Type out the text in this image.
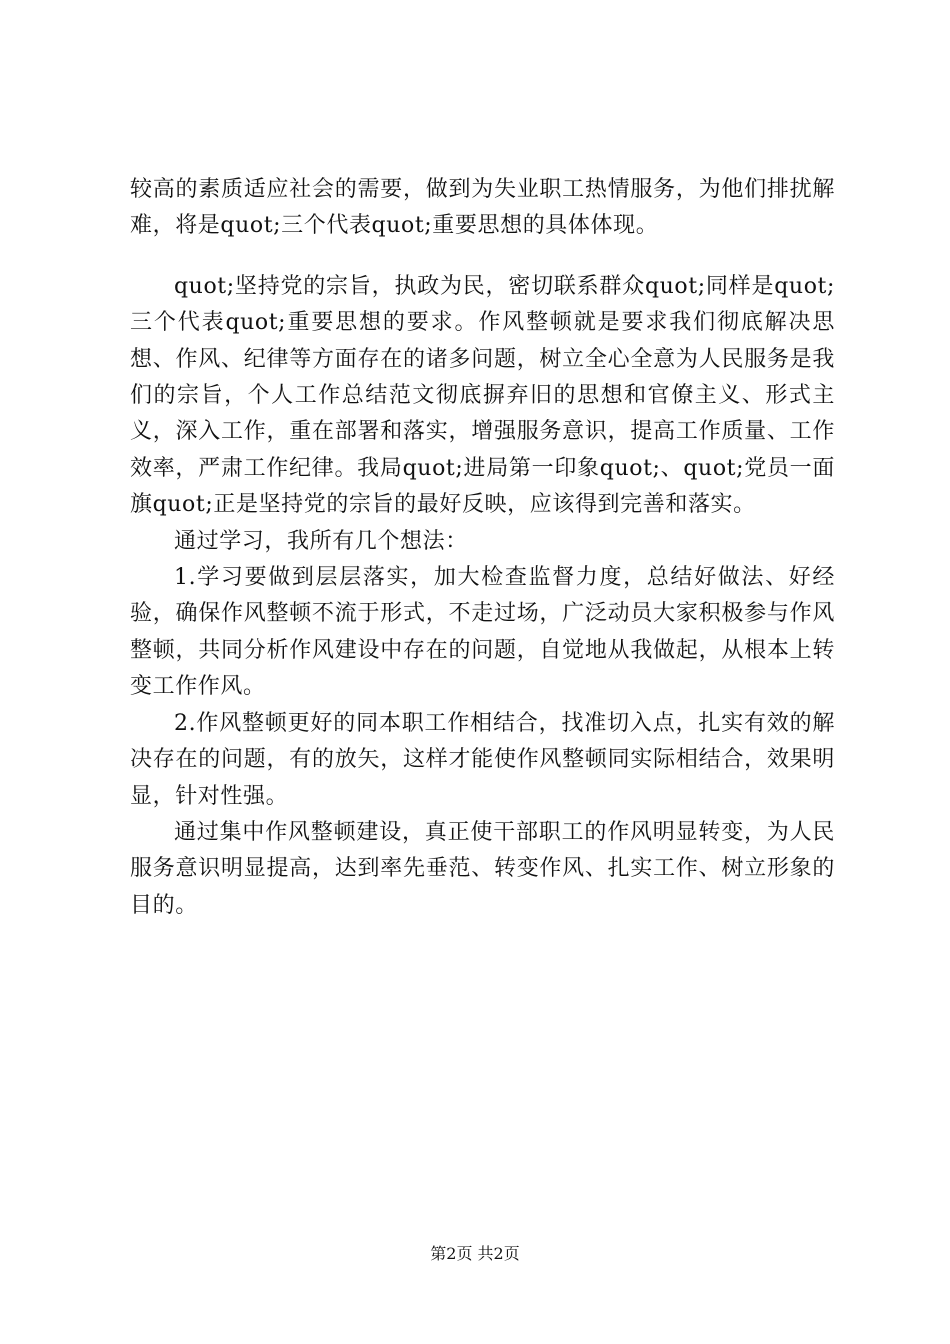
较高的素质适应社会的需要，做到为失业职工热情服务，为他们排扰解难，将是quot;三个代表quot;重要思想的具体体现。

quot;坚持党的宗旨，执政为民，密切联系群众quot;同样是quot;三个代表quot;重要思想的要求。作风整顿就是要求我们彻底解决思想、作风、纪律等方面存在的诸多问题，树立全心全意为人民服务是我们的宗旨，个人工作总结范文彻底摒弃旧的思想和官僚主义、形式主义，深入工作，重在部署和落实，增强服务意识，提高工作质量、工作效率，严肃工作纪律。我局quot;进局第一印象quot;、quot;党员一面旗quot;正是坚持党的宗旨的最好反映，应该得到完善和落实。

通过学习，我所有几个想法：

1.学习要做到层层落实，加大检查监督力度，总结好做法、好经验，确保作风整顿不流于形式，不走过场，广泛动员大家积极参与作风整顿，共同分析作风建设中存在的问题，自觉地从我做起，从根本上转变工作作风。

2.作风整顿更好的同本职工作相结合，找准切入点，扎实有效的解决存在的问题，有的放矢，这样才能使作风整顿同实际相结合，效果明显，针对性强。

通过集中作风整顿建设，真正使干部职工的作风明显转变，为人民服务意识明显提高，达到率先垂范、转变作风、扎实工作、树立形象的目的。

第2页 共2页
